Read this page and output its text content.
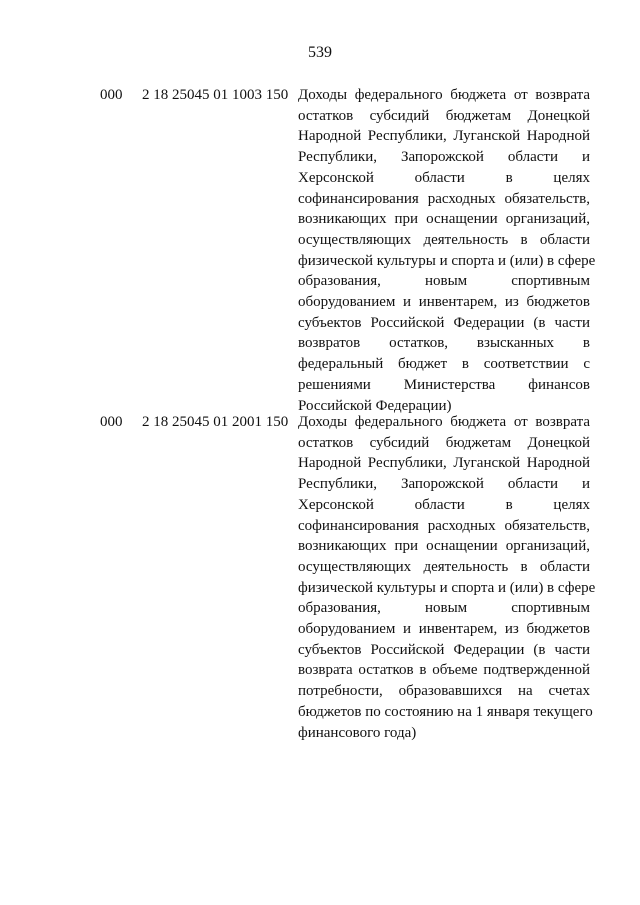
539
000 2 18 25045 01 1003 150 Доходы федерального бюджета от возврата
остатков субсидий бюджетам Донецкой
Народной Республики, Луганской Народной
Республики, Запорожской области и
Херсонской области в целях
софинансирования расходных обязательств,
возникающих при оснащении организаций,
осуществляющих деятельность в области
физической культуры и спорта и (или) в сфере
образования, новым спортивным
оборудованием и инвентарем, из бюджетов
субъектов Российской Федерации (в части
возвратов остатков, взысканных в
федеральный бюджет в соответствии с
решениями Министерства финансов
Российской Федерации)
000 2 18 25045 01 2001 150 Доходы федерального бюджета от возврата
остатков субсидий бюджетам Донецкой
Народной Республики, Луганской Народной
Республики, Запорожской области и
Херсонской области в целях
софинансирования расходных обязательств,
возникающих при оснащении организаций,
осуществляющих деятельность в области
физической культуры и спорта и (или) в сфере
образования, новым спортивным
оборудованием и инвентарем, из бюджетов
субъектов Российской Федерации (в части
возврата остатков в объеме подтвержденной
потребности, образовавшихся на счетах
бюджетов по состоянию на 1 января текущего
финансового года)
